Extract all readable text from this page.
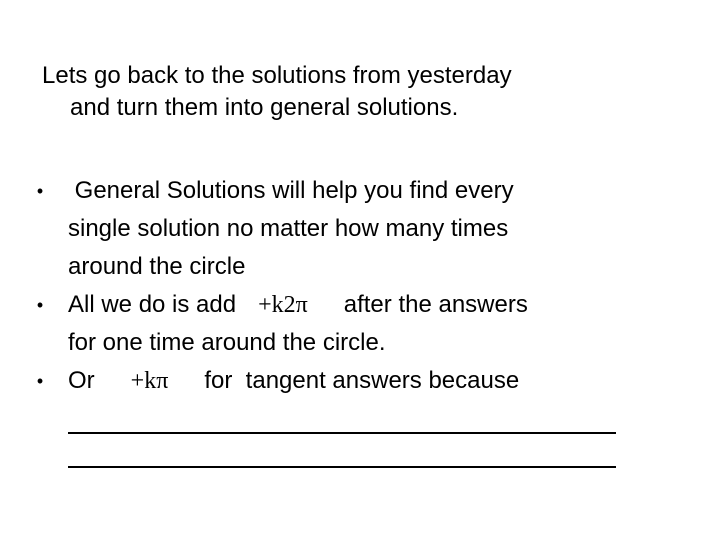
Lets go back to the solutions from yesterday
and turn them into general solutions.
•	General Solutions will help you find every
single solution no matter how many times
around the circle
•	All we do is add +k2π after the answers
for one time around the circle.
•	Or +kπ for  tangent answers because
